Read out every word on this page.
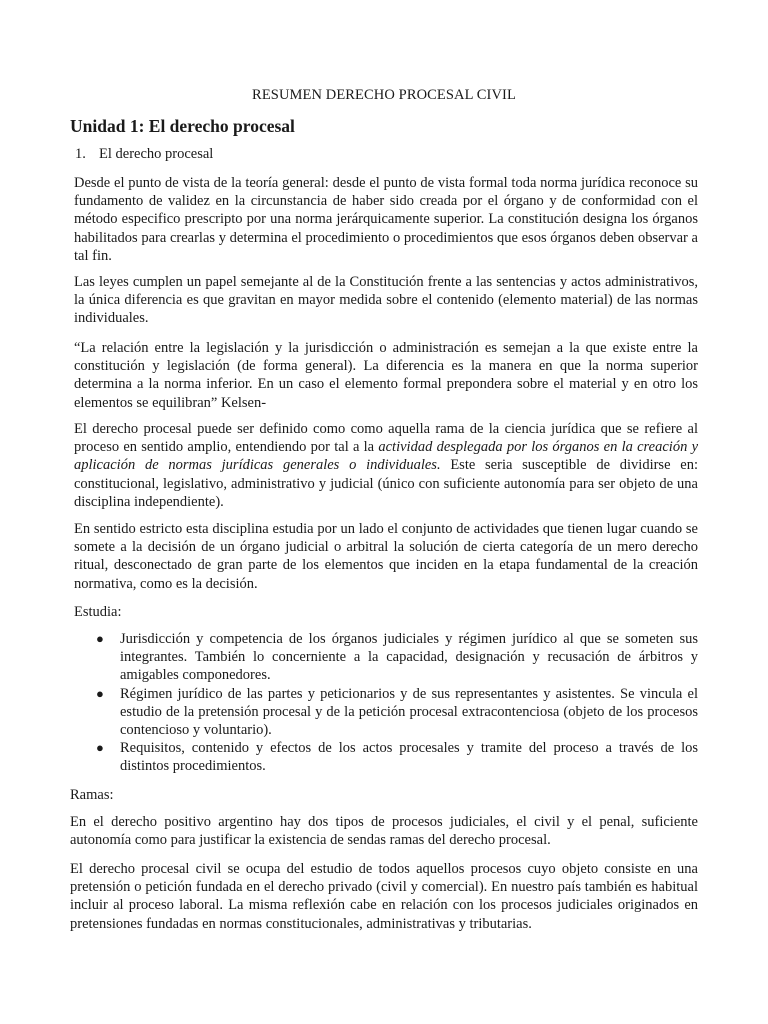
RESUMEN DERECHO PROCESAL CIVIL
Unidad 1: El derecho procesal
1. El derecho procesal

Desde el punto de vista de la teoría general: desde el punto de vista formal toda norma jurídica reconoce su fundamento de validez en la circunstancia de haber sido creada por el órgano y de conformidad con el método especifico prescripto por una norma jerárquicamente superior. La constitución designa los órganos habilitados para crearlas y determina el procedimiento o procedimientos que esos órganos deben observar a tal fin.

Las leyes cumplen un papel semejante al de la Constitución frente a las sentencias y actos administrativos, la única diferencia es que gravitan en mayor medida sobre el contenido (elemento material) de las normas individuales.

“La relación entre la legislación y la jurisdicción o administración es semejan a la que existe entre la constitución y legislación (de forma general). La diferencia es la manera en que la norma superior determina a la norma inferior. En un caso el elemento formal prepondera sobre el material y en otro los elementos se equilibran” Kelsen-

El derecho procesal puede ser definido como como aquella rama de la ciencia jurídica que se refiere al proceso en sentido amplio, entendiendo por tal a la actividad desplegada por los órganos en la creación y aplicación de normas jurídicas generales o individuales. Este seria susceptible de dividirse en: constitucional, legislativo, administrativo y judicial (único con suficiente autonomía para ser objeto de una disciplina independiente).

En sentido estricto esta disciplina estudia por un lado el conjunto de actividades que tienen lugar cuando se somete a la decisión de un órgano judicial o arbitral la solución de cierta categoría de un mero derecho ritual, desconectado de gran parte de los elementos que inciden en la etapa fundamental de la creación normativa, como es la decisión.

Estudia:

● Jurisdicción y competencia de los órganos judiciales y régimen jurídico al que se someten sus integrantes. También lo concerniente a la capacidad, designación y recusación de árbitros y amigables componedores.
● Régimen jurídico de las partes y peticionarios y de sus representantes y asistentes. Se vincula el estudio de la pretensión procesal y de la petición procesal extracontenciosa (objeto de los procesos contencioso y voluntario).
● Requisitos, contenido y efectos de los actos procesales y tramite del proceso a través de los distintos procedimientos.

Ramas:

En el derecho positivo argentino hay dos tipos de procesos judiciales, el civil y el penal, suficiente autonomía como para justificar la existencia de sendas ramas del derecho procesal.

El derecho procesal civil se ocupa del estudio de todos aquellos procesos cuyo objeto consiste en una pretensión o petición fundada en el derecho privado (civil y comercial). En nuestro país también es habitual incluir al proceso laboral. La misma reflexión cabe en relación con los procesos judiciales originados en pretensiones fundadas en normas constitucionales, administrativas y tributarias.
